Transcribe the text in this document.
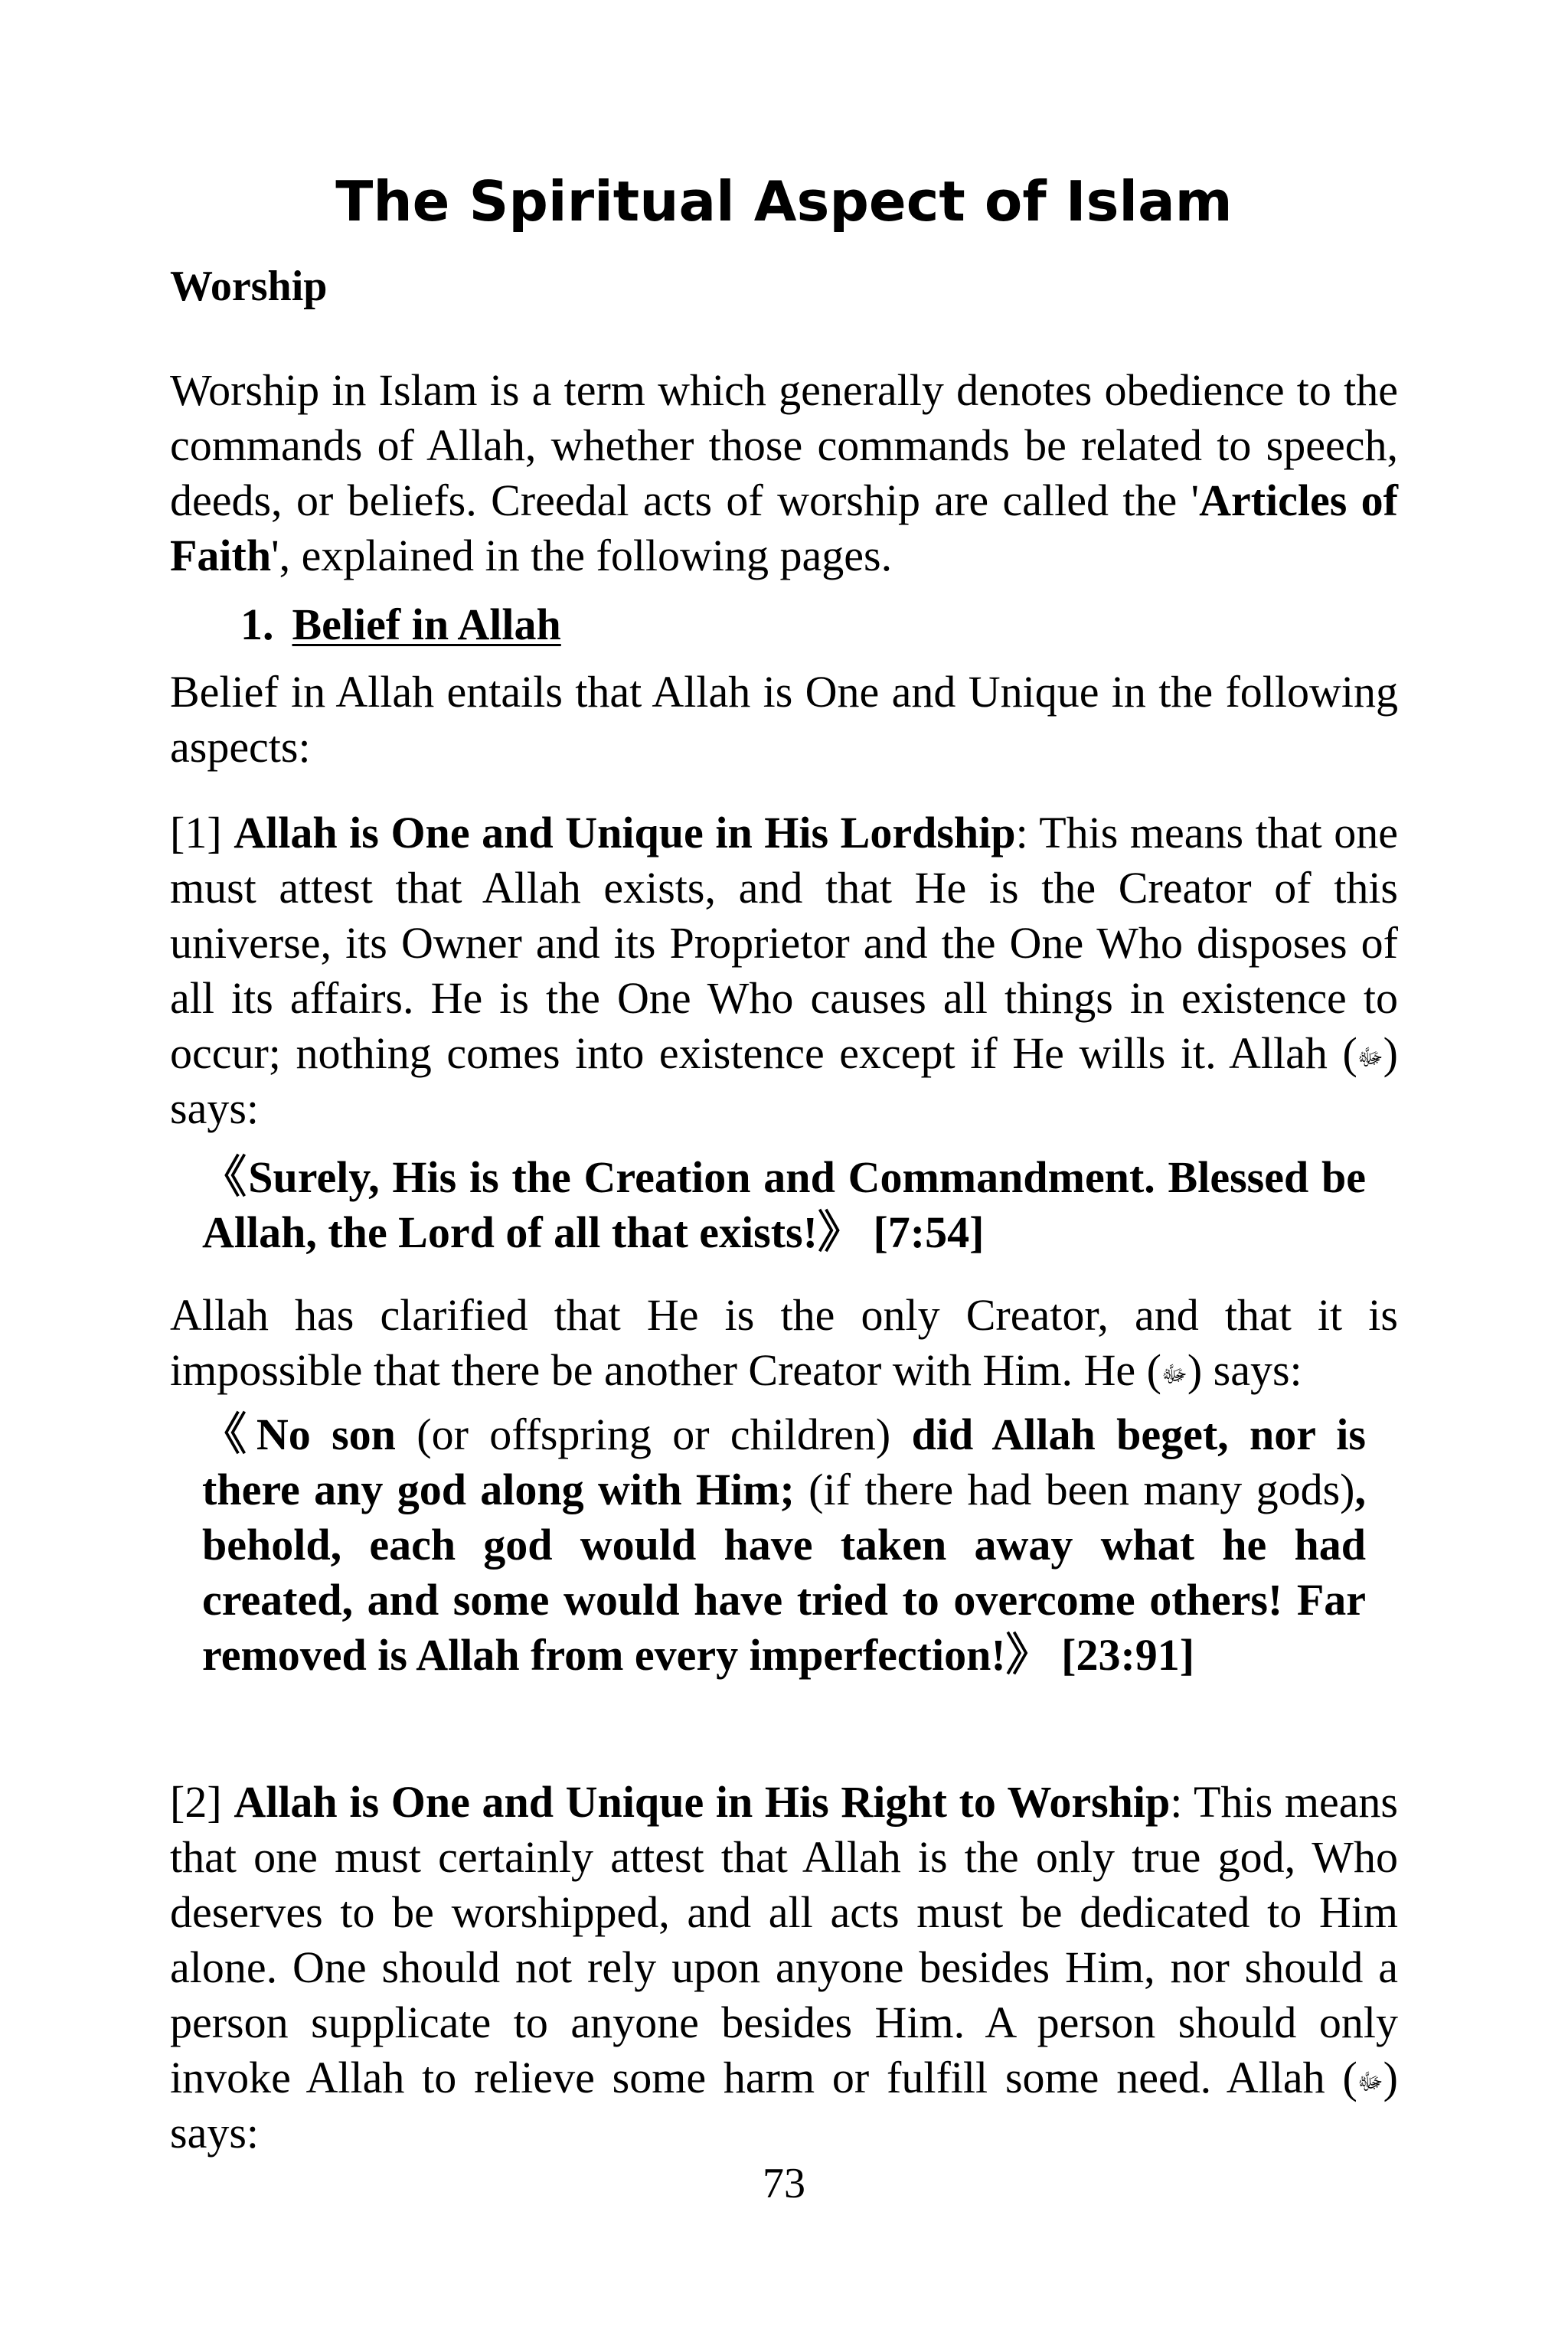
The Spiritual Aspect of Islam
Worship

Worship in Islam is a term which generally denotes obedience to the commands of Allah, whether those commands be related to speech, deeds, or beliefs. Creedal acts of worship are called the 'Articles of Faith', explained in the following pages.

1. Belief in Allah

Belief in Allah entails that Allah is One and Unique in the following aspects:

[1] Allah is One and Unique in His Lordship: This means that one must attest that Allah exists, and that He is the Creator of this universe, its Owner and its Proprietor and the One Who disposes of all its affairs. He is the One Who causes all things in existence to occur; nothing comes into existence except if He wills it. Allah (ﷻ) says:

《Surely, His is the Creation and Commandment. Blessed be Allah, the Lord of all that exists!》 [7:54]

Allah has clarified that He is the only Creator, and that it is impossible that there be another Creator with Him. He (ﷻ) says:

《No son (or offspring or children) did Allah beget, nor is there any god along with Him; (if there had been many gods), behold, each god would have taken away what he had created, and some would have tried to overcome others! Far removed is Allah from every imperfection!》 [23:91]

[2] Allah is One and Unique in His Right to Worship: This means that one must certainly attest that Allah is the only true god, Who deserves to be worshipped, and all acts must be dedicated to Him alone. One should not rely upon anyone besides Him, nor should a person supplicate to anyone besides Him. A person should only invoke Allah to relieve some harm or fulfill some need. Allah (ﷻ) says:

73
